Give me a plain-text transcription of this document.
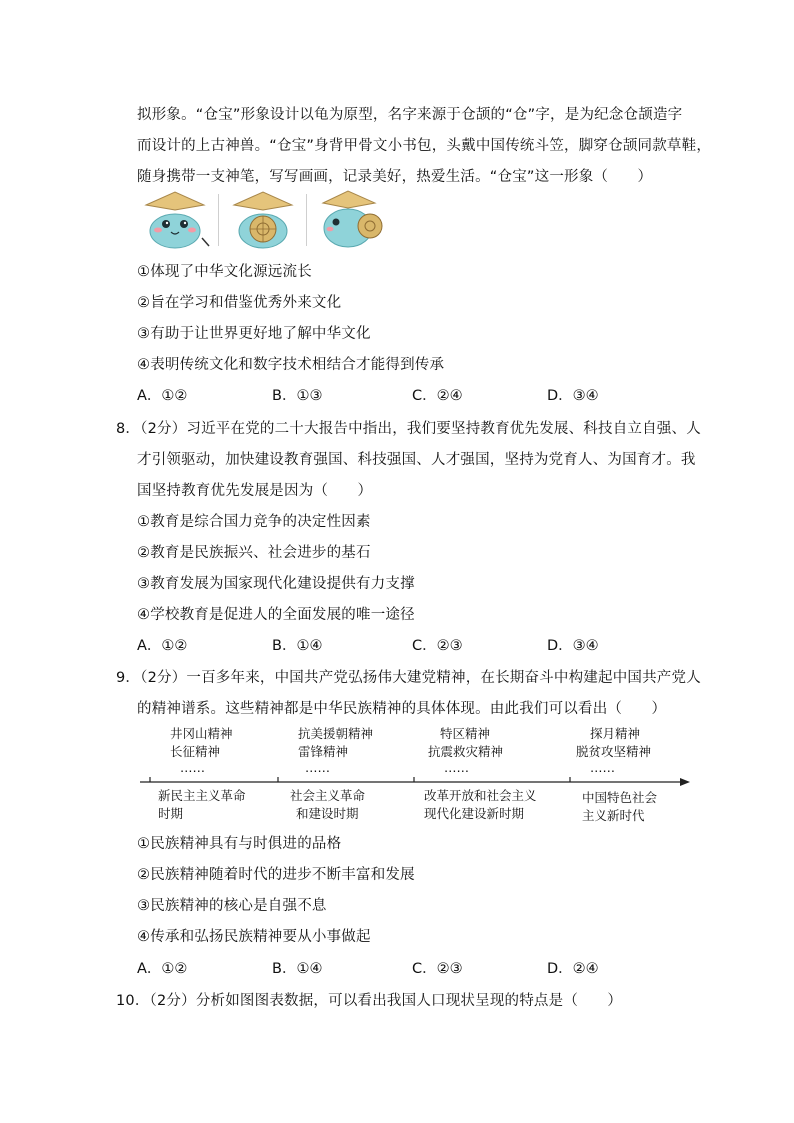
拟形象。“仓宝”形象设计以龟为原型，名字来源于仓颉的“仓”字，是为纪念仓颉造字
而设计的上古神兽。“仓宝”身背甲骨文小书包，头戴中国传统斗笠，脚穿仓颉同款草鞋，
随身携带一支神笔，写写画画，记录美好，热爱生活。“仓宝”这一形象（　　）
①体现了中华文化源远流长
②旨在学习和借鉴优秀外来文化
③有助于让世界更好地了解中华文化
④表明传统文化和数字技术相结合才能得到传承
A．①②	B．①③	C．②④	D．③④
8．（2分）习近平在党的二十大报告中指出，我们要坚持教育优先发展、科技自立自强、人
才引领驱动，加快建设教育强国、科技强国、人才强国，坚持为党育人、为国育才。我
国坚持教育优先发展是因为（　　）
①教育是综合国力竞争的决定性因素
②教育是民族振兴、社会进步的基石
③教育发展为国家现代化建设提供有力支撑
④学校教育是促进人的全面发展的唯一途径
A．①②	B．①④	C．②③	D．③④
9．（2分）一百多年来，中国共产党弘扬伟大建党精神，在长期奋斗中构建起中国共产党人
的精神谱系。这些精神都是中华民族精神的具体体现。由此我们可以看出（　　）
井冈山精神
长征精神
……
抗美援朝精神
雷锋精神
……
特区精神
抗震救灾精神
……
探月精神
脱贫攻坚精神
……
新民主主义革命
时期
社会主义革命
和建设时期
改革开放和社会主义
现代化建设新时期
中国特色社会
主义新时代
①民族精神具有与时俱进的品格
②民族精神随着时代的进步不断丰富和发展
③民族精神的核心是自强不息
④传承和弘扬民族精神要从小事做起
A．①②	B．①④	C．②③	D．②④
10．（2分）分析如图图表数据，可以看出我国人口现状呈现的特点是（　　）
